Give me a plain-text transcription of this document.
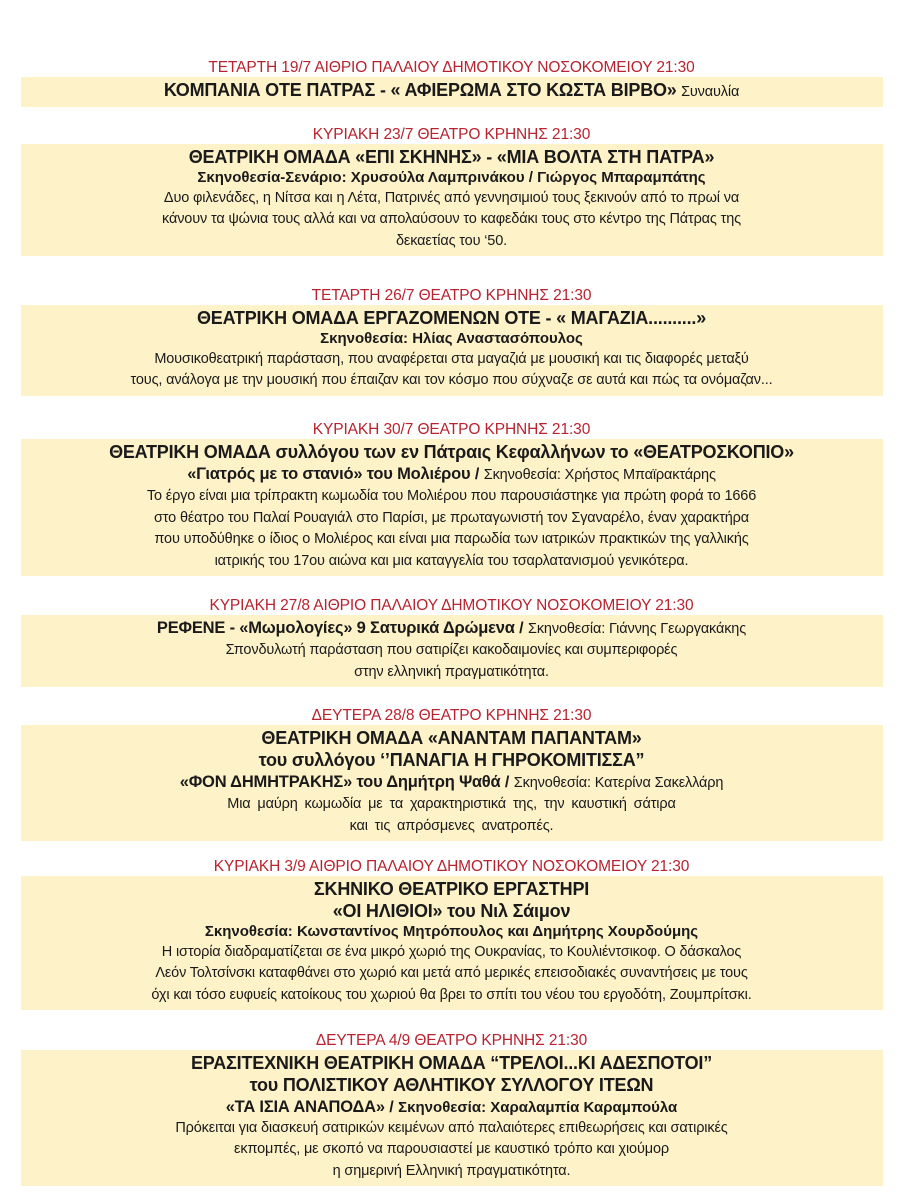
ΤΕΤΑΡΤΗ 19/7 ΑΙΘΡΙΟ ΠΑΛΑΙΟΥ ΔΗΜΟΤΙΚΟΥ ΝΟΣΟΚΟΜΕΙΟΥ 21:30
ΚΟΜΠΑΝΙΑ ΟΤΕ ΠΑΤΡΑΣ - « ΑΦΙΕΡΩΜΑ ΣΤΟ ΚΩΣΤΑ ΒΙΡΒΟ» Συναυλία
ΚΥΡΙΑΚΗ 23/7 ΘΕΑΤΡΟ ΚΡΗΝΗΣ 21:30
ΘΕΑΤΡΙΚΗ ΟΜΑΔΑ «ΕΠΙ ΣΚΗΝΗΣ» - «ΜΙΑ ΒΟΛΤΑ ΣΤΗ ΠΑΤΡΑ»
Σκηνοθεσία-Σενάριο: Χρυσούλα Λαμπρινάκου / Γιώργος Μπαραμπάτης
Δυο φιλενάδες, η Νίτσα και η Λέτα, Πατρινές από γεννησιμιού τους ξεκινούν από το πρωί να
κάνουν τα ψώνια τους αλλά και να απολαύσουν το καφεδάκι τους στο κέντρο της Πάτρας της
δεκαετίας του ‘50.
ΤΕΤΑΡΤΗ 26/7 ΘΕΑΤΡΟ ΚΡΗΝΗΣ 21:30
ΘΕΑΤΡΙΚΗ ΟΜΑΔΑ ΕΡΓΑΖΟΜΕΝΩΝ ΟΤΕ - « ΜΑΓΑΖΙΑ..........»
Σκηνοθεσία: Ηλίας Αναστασόπουλος
Μουσικοθεατρική παράσταση, που αναφέρεται στα μαγαζιά με μουσική και τις διαφορές μεταξύ
τους, ανάλογα με την μουσική που έπαιζαν και τον κόσμο που σύχναζε σε αυτά και πώς τα ονόμαζαν...
ΚΥΡΙΑΚΗ 30/7 ΘΕΑΤΡΟ ΚΡΗΝΗΣ 21:30
ΘΕΑΤΡΙΚΗ ΟΜΑΔΑ συλλόγου των εν Πάτραις Κεφαλλήνων το «ΘΕΑΤΡΟΣΚΟΠΙΟ»
«Γιατρός με το στανιό» του Μολιέρου / Σκηνοθεσία: Χρήστος Μπαϊρακτάρης
Το έργο είναι μια τρίπρακτη κωμωδία του Μολιέρου που παρουσιάστηκε για πρώτη φορά το 1666
στο θέατρο του Παλαί Ρουαγιάλ στο Παρίσι, με πρωταγωνιστή τον Σγαναρέλο, έναν χαρακτήρα
που υποδύθηκε ο ίδιος ο Μολιέρος και είναι μια παρωδία των ιατρικών πρακτικών της γαλλικής
ιατρικής του 17ου αιώνα και μια καταγγελία του τσαρλατανισμού γενικότερα.
ΚΥΡΙΑΚΗ 27/8 ΑΙΘΡΙΟ ΠΑΛΑΙΟΥ ΔΗΜΟΤΙΚΟΥ ΝΟΣΟΚΟΜΕΙΟΥ 21:30
ΡΕΦΕΝΕ - «Μωμολογίες» 9 Σατυρικά Δρώμενα / Σκηνοθεσία: Γιάννης Γεωργακάκης
Σπονδυλωτή παράσταση που σατιρίζει κακοδαιμονίες και συμπεριφορές
στην ελληνική πραγματικότητα.
ΔΕΥΤΕΡΑ 28/8 ΘΕΑΤΡΟ ΚΡΗΝΗΣ 21:30
ΘΕΑΤΡΙΚΗ ΟΜΑΔΑ «ΑΝΑΝΤΑΜ ΠΑΠΑΝΤΑΜ»
του συλλόγου ‘’ΠΑΝΑΓΙΑ Η ΓΗΡΟΚΟΜΙΤΙΣΣΑ”
«ΦΟΝ ΔΗΜΗΤΡΑΚΗΣ» του Δημήτρη Ψαθά / Σκηνοθεσία: Κατερίνα Σακελλάρη
Μια μαύρη κωμωδία με τα χαρακτηριστικά της, την καυστική σάτιρα
και τις απρόσμενες ανατροπές.
ΚΥΡΙΑΚΗ 3/9 ΑΙΘΡΙΟ ΠΑΛΑΙΟΥ ΔΗΜΟΤΙΚΟΥ ΝΟΣΟΚΟΜΕΙΟΥ 21:30
ΣΚΗΝΙΚΟ ΘΕΑΤΡΙΚΟ ΕΡΓΑΣΤΗΡΙ
«ΟΙ ΗΛΙΘΙΟΙ» του Νιλ Σάιμον
Σκηνοθεσία: Κωνσταντίνος Μητρόπουλος και Δημήτρης Χουρδούμης
Η ιστορία διαδραματίζεται σε ένα μικρό χωριό της Ουκρανίας, το Κουλιέντσικοφ. Ο δάσκαλος
Λεόν Τολτσίνσκι καταφθάνει στο χωριό και μετά από μερικές επεισοδιακές συναντήσεις με τους
όχι και τόσο ευφυείς κατοίκους του χωριού θα βρει το σπίτι του νέου του εργοδότη, Ζουμπρίτσκι.
ΔΕΥΤΕΡΑ 4/9 ΘΕΑΤΡΟ ΚΡΗΝΗΣ 21:30
ΕΡΑΣΙΤΕΧΝΙΚΗ ΘΕΑΤΡΙΚΗ ΟΜΑΔΑ “ΤΡΕΛΟΙ...ΚΙ ΑΔΕΣΠΟΤΟΙ”
του ΠΟΛΙΣΤΙΚΟΥ ΑΘΛΗΤΙΚΟΥ ΣΥΛΛΟΓΟΥ ΙΤΕΩΝ
«ΤΑ ΙΣΙΑ ΑΝΑΠΟΔΑ» / Σκηνοθεσία: Χαραλαμπία Καραμπούλα
Πρόκειται για διασκευή σατιρικών κειμένων από παλαιότερες επιθεωρήσεις και σατιρικές
εκπομπές, με σκοπό να παρουσιαστεί με καυστικό τρόπο και χιούμορ
η σημερινή Ελληνική πραγματικότητα.
